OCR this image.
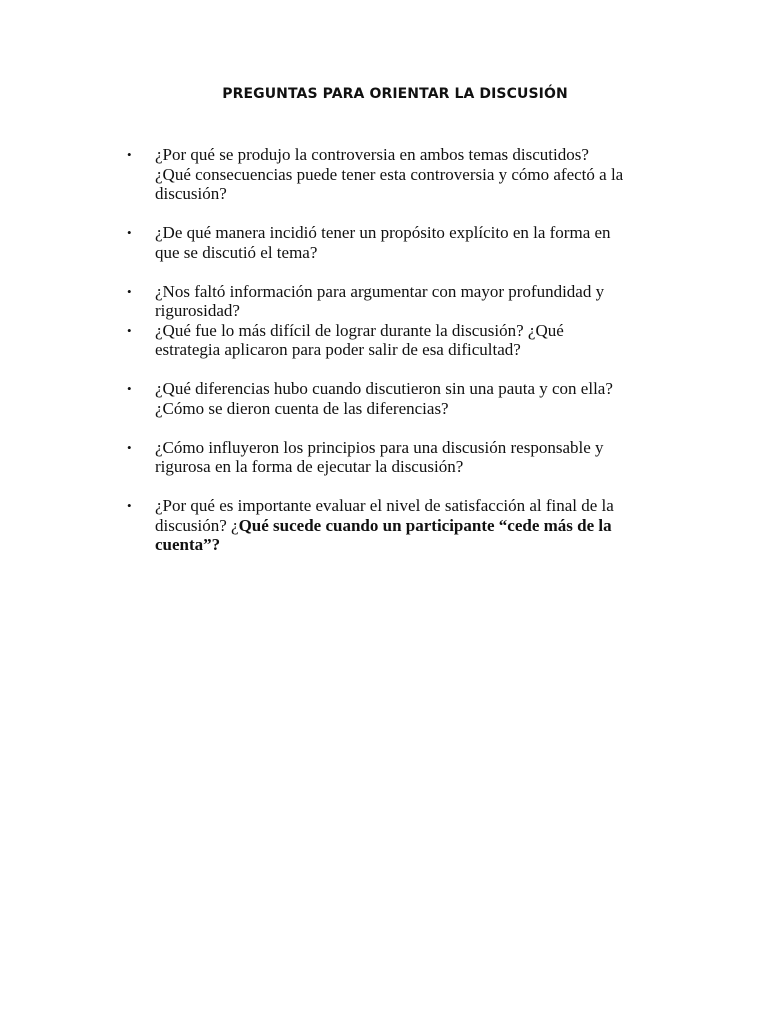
PREGUNTAS PARA ORIENTAR LA DISCUSIÓN
• ¿Por qué se produjo la controversia en ambos temas discutidos?
¿Qué consecuencias puede tener esta controversia y cómo afectó a la
discusión?
• ¿De qué manera incidió tener un propósito explícito en la forma en
que se discutió el tema?
• ¿Nos faltó información para argumentar con mayor profundidad y
rigurosidad?
• ¿Qué fue lo más difícil de lograr durante la discusión? ¿Qué
estrategia aplicaron para poder salir de esa dificultad?
• ¿Qué diferencias hubo cuando discutieron sin una pauta y con ella?
¿Cómo se dieron cuenta de las diferencias?
• ¿Cómo influyeron los principios para una discusión responsable y
rigurosa en la forma de ejecutar la discusión?
• ¿Por qué es importante evaluar el nivel de satisfacción al final de la
discusión? ¿Qué sucede cuando un participante “cede más de la
cuenta”?
